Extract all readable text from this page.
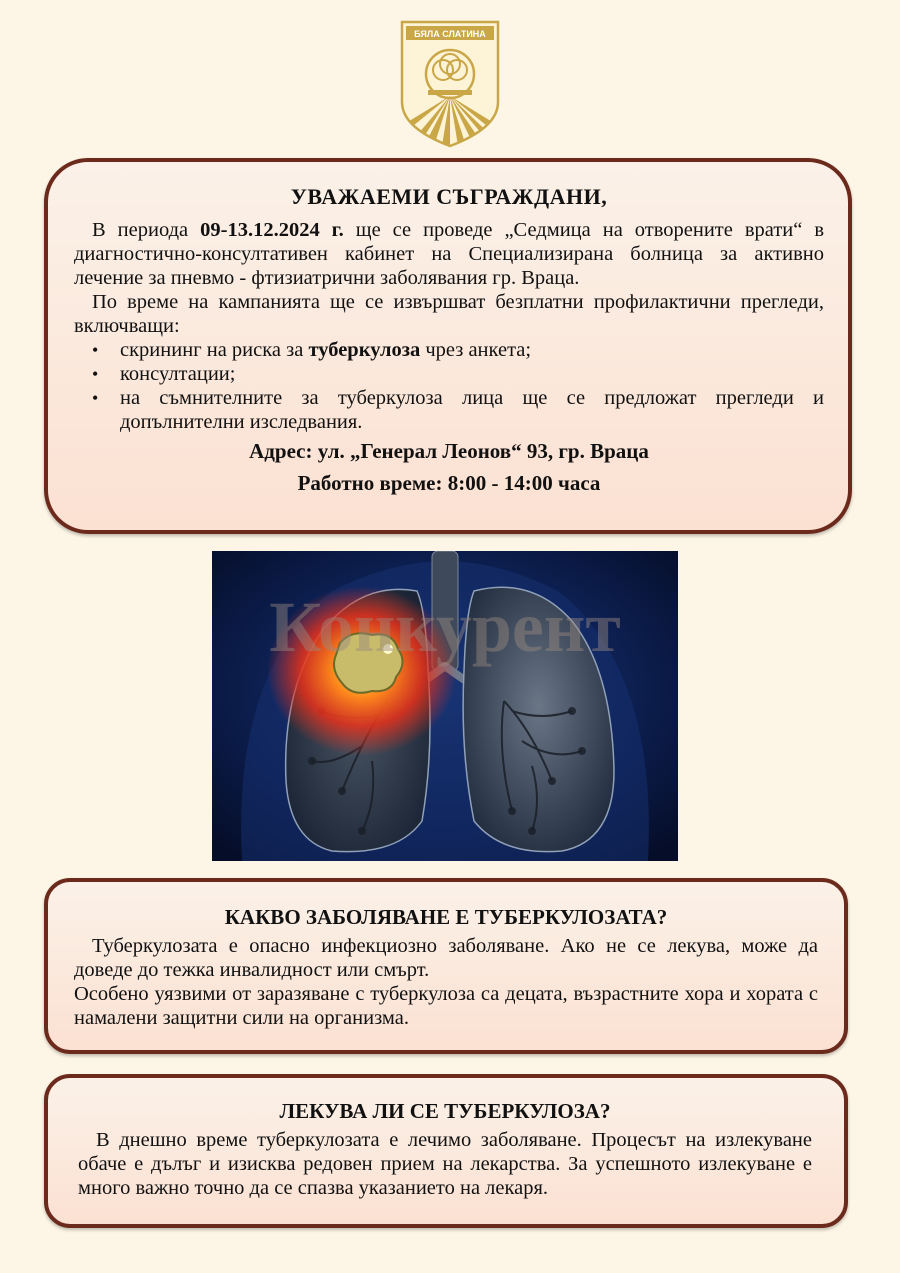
БЯЛА СЛАТИНА
УВАЖАЕМИ СЪГРАЖДАНИ,

В периода 09-13.12.2024 г. ще се проведе „Седмица на отворените врати“ в диагностично-консултативен кабинет на Специализирана болница за активно лечение за пневмо - фтизиатрични заболявания гр. Враца.

По време на кампанията ще се извършват безплатни профилактични прегледи, включващи:

• скрининг на риска за туберкулоза чрез анкета;
• консултации;
• на съмнителните за туберкулоза лица ще се предложат прегледи и допълнителни изследвания.
Адрес: ул. „Генерал Леонов“ 93, гр. Враца
Работно време: 8:00 - 14:00 часа
Конкурент
КАКВО ЗАБОЛЯВАНЕ Е ТУБЕРКУЛОЗАТА?

Туберкулозата е опасно инфекциозно заболяване. Ако не се лекува, може да доведе до тежка инвалидност или смърт.

Особено уязвими от заразяване с туберкулоза са децата, възрастните хора и хората с намалени защитни сили на организма.

ЛЕКУВА ЛИ СЕ ТУБЕРКУЛОЗА?

В днешно време туберкулозата е лечимо заболяване. Процесът на излекуване обаче е дълъг и изисква редовен прием на лекарства. За успешното излекуване е много важно точно да се спазва указанието на лекаря.
